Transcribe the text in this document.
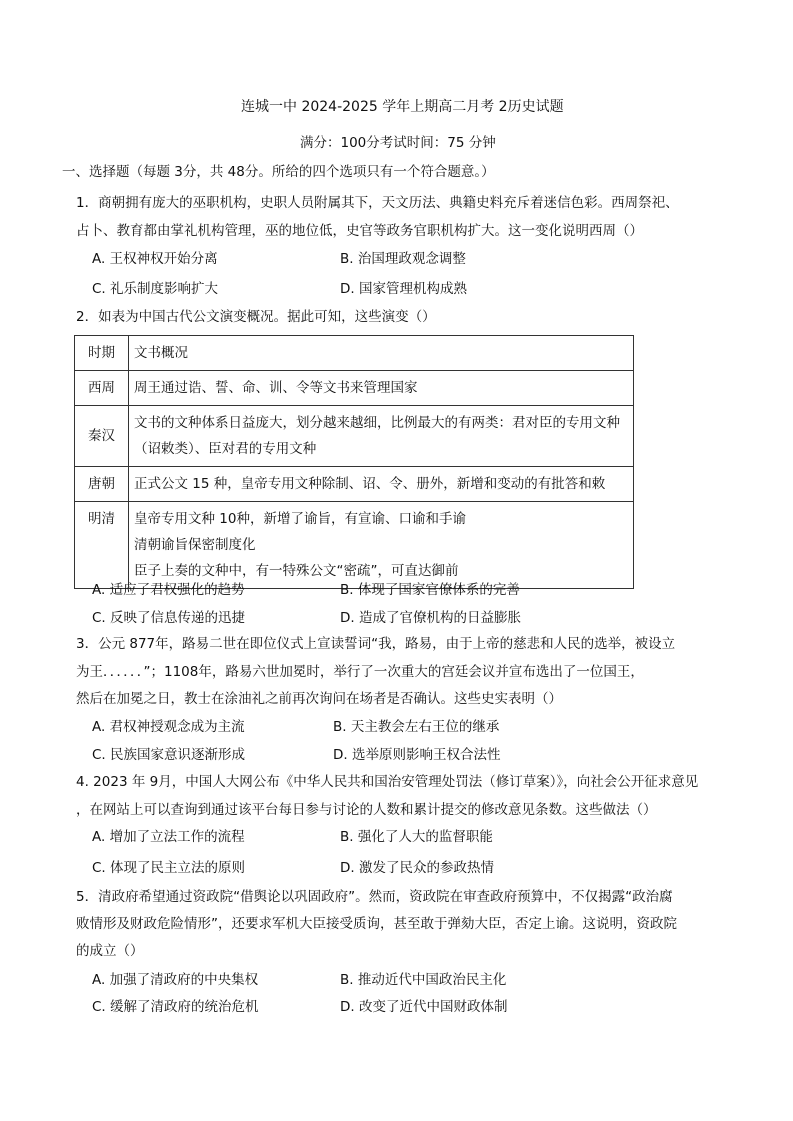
连城一中 2024-2025 学年上期高二月考 2历史试题
满分：100分考试时间：75 分钟
一、选择题（每题 3分，共 48分。所给的四个选项只有一个符合题意。）
1．商朝拥有庞大的巫职机构，史职人员附属其下，天文历法、典籍史料充斥着迷信色彩。西周祭祀、
占卜、教育都由掌礼机构管理，巫的地位低，史官等政务官职机构扩大。这一变化说明西周（）
A. 王权神权开始分离	B. 治国理政观念调整
C. 礼乐制度影响扩大	D. 国家管理机构成熟
2．如表为中国古代公文演变概况。据此可知，这些演变（）
时期	文书概况
西周	周王通过诰、誓、命、训、令等文书来管理国家

秦汉	文书的文种体系日益庞大，划分越来越细，比例最大的有两类：君对臣的专用文种
（诏敕类）、臣对君的专用文种

唐朝	正式公文 15 种，皇帝专用文种除制、诏、令、册外，新增和变动的有批答和敕

明清	皇帝专用文种 10种，新增了谕旨，有宣谕、口谕和手谕
清朝谕旨保密制度化
臣子上奏的文种中，有一特殊公文“密疏”，可直达御前
A. 适应了君权强化的趋势	B. 体现了国家官僚体系的完善
C. 反映了信息传递的迅捷	D. 造成了官僚机构的日益膨胀
3．公元 877年，路易二世在即位仪式上宣读誓词“我，路易，由于上帝的慈悲和人民的选举，被设立
为王．．．．．．”；1108年，路易六世加冕时，举行了一次重大的宫廷会议并宣布选出了一位国王，
然后在加冕之日，教士在涂油礼之前再次询问在场者是否确认。这些史实表明（）
A. 君权神授观念成为主流	B. 天主教会左右王位的继承
C. 民族国家意识逐渐形成	D. 选举原则影响王权合法性
4. 2023 年 9月，中国人大网公布《中华人民共和国治安管理处罚法（修订草案）》，向社会公开征求意见
，在网站上可以查询到通过该平台每日参与讨论的人数和累计提交的修改意见条数。这些做法（）
A. 增加了立法工作的流程	B. 强化了人大的监督职能
C. 体现了民主立法的原则	D. 激发了民众的参政热情
5．清政府希望通过资政院“借舆论以巩固政府”。然而，资政院在审查政府预算中，不仅揭露“政治腐
败情形及财政危险情形”，还要求军机大臣接受质询，甚至敢于弹劾大臣，否定上谕。这说明，资政院
的成立（）
A. 加强了清政府的中央集权	B. 推动近代中国政治民主化
C. 缓解了清政府的统治危机	D. 改变了近代中国财政体制
